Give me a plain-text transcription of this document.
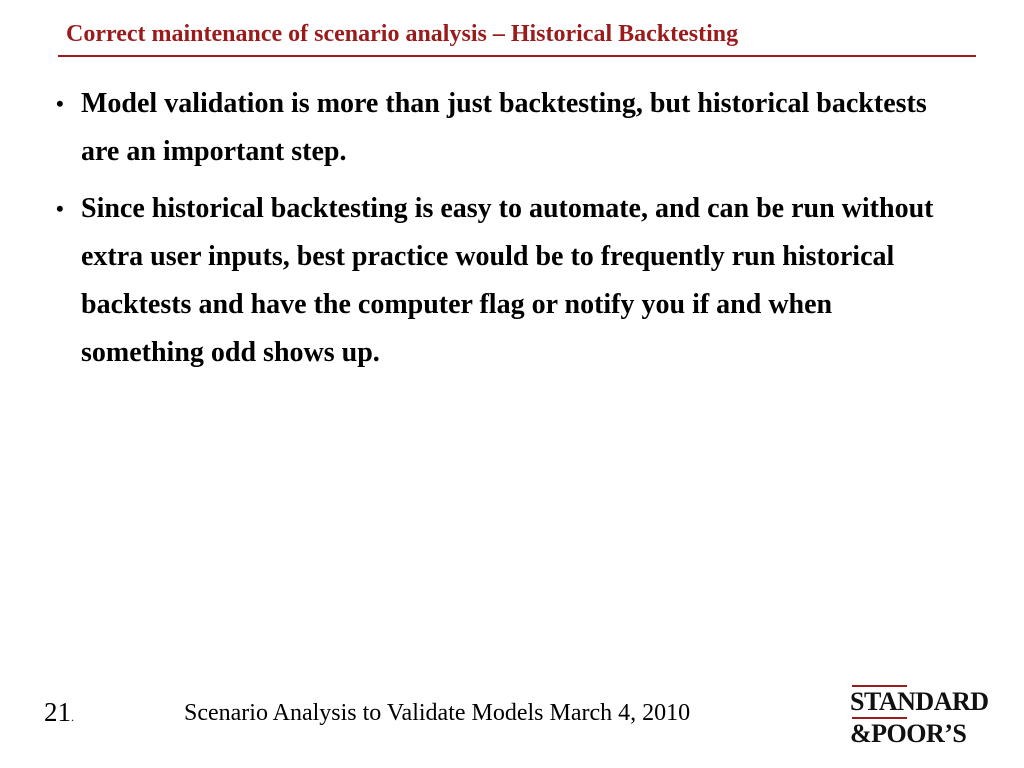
Correct maintenance of scenario analysis – Historical Backtesting
• Model validation is more than just backtesting, but historical backtests are an important step.
• Since historical backtesting is easy to automate, and can be run without extra user inputs, best practice would be to frequently run historical backtests and have the computer flag or notify you if and when something odd shows up.
21.	Scenario Analysis to Validate Models March 4, 2010	STANDARD
&POOR’S
